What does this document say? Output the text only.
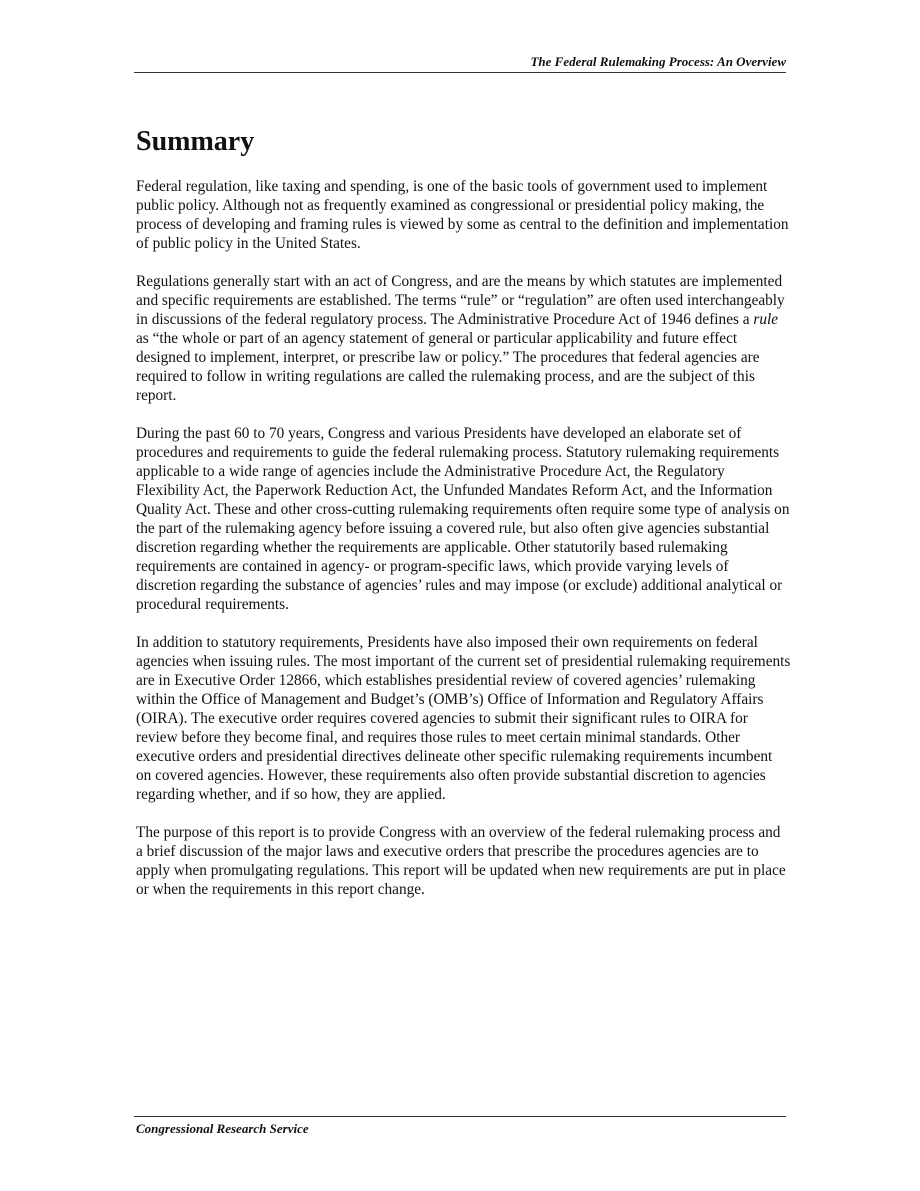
The Federal Rulemaking Process: An Overview
Summary

Federal regulation, like taxing and spending, is one of the basic tools of government used to implement public policy. Although not as frequently examined as congressional or presidential policy making, the process of developing and framing rules is viewed by some as central to the definition and implementation of public policy in the United States.

Regulations generally start with an act of Congress, and are the means by which statutes are implemented and specific requirements are established. The terms “rule” or “regulation” are often used interchangeably in discussions of the federal regulatory process. The Administrative Procedure Act of 1946 defines a rule as “the whole or part of an agency statement of general or particular applicability and future effect designed to implement, interpret, or prescribe law or policy.” The procedures that federal agencies are required to follow in writing regulations are called the rulemaking process, and are the subject of this report.

During the past 60 to 70 years, Congress and various Presidents have developed an elaborate set of procedures and requirements to guide the federal rulemaking process. Statutory rulemaking requirements applicable to a wide range of agencies include the Administrative Procedure Act, the Regulatory Flexibility Act, the Paperwork Reduction Act, the Unfunded Mandates Reform Act, and the Information Quality Act. These and other cross-cutting rulemaking requirements often require some type of analysis on the part of the rulemaking agency before issuing a covered rule, but also often give agencies substantial discretion regarding whether the requirements are applicable. Other statutorily based rulemaking requirements are contained in agency- or program-specific laws, which provide varying levels of discretion regarding the substance of agencies’ rules and may impose (or exclude) additional analytical or procedural requirements.

In addition to statutory requirements, Presidents have also imposed their own requirements on federal agencies when issuing rules. The most important of the current set of presidential rulemaking requirements are in Executive Order 12866, which establishes presidential review of covered agencies’ rulemaking within the Office of Management and Budget’s (OMB’s) Office of Information and Regulatory Affairs (OIRA). The executive order requires covered agencies to submit their significant rules to OIRA for review before they become final, and requires those rules to meet certain minimal standards. Other executive orders and presidential directives delineate other specific rulemaking requirements incumbent on covered agencies. However, these requirements also often provide substantial discretion to agencies regarding whether, and if so how, they are applied.

The purpose of this report is to provide Congress with an overview of the federal rulemaking process and a brief discussion of the major laws and executive orders that prescribe the procedures agencies are to apply when promulgating regulations. This report will be updated when new requirements are put in place or when the requirements in this report change.

Congressional Research Service
